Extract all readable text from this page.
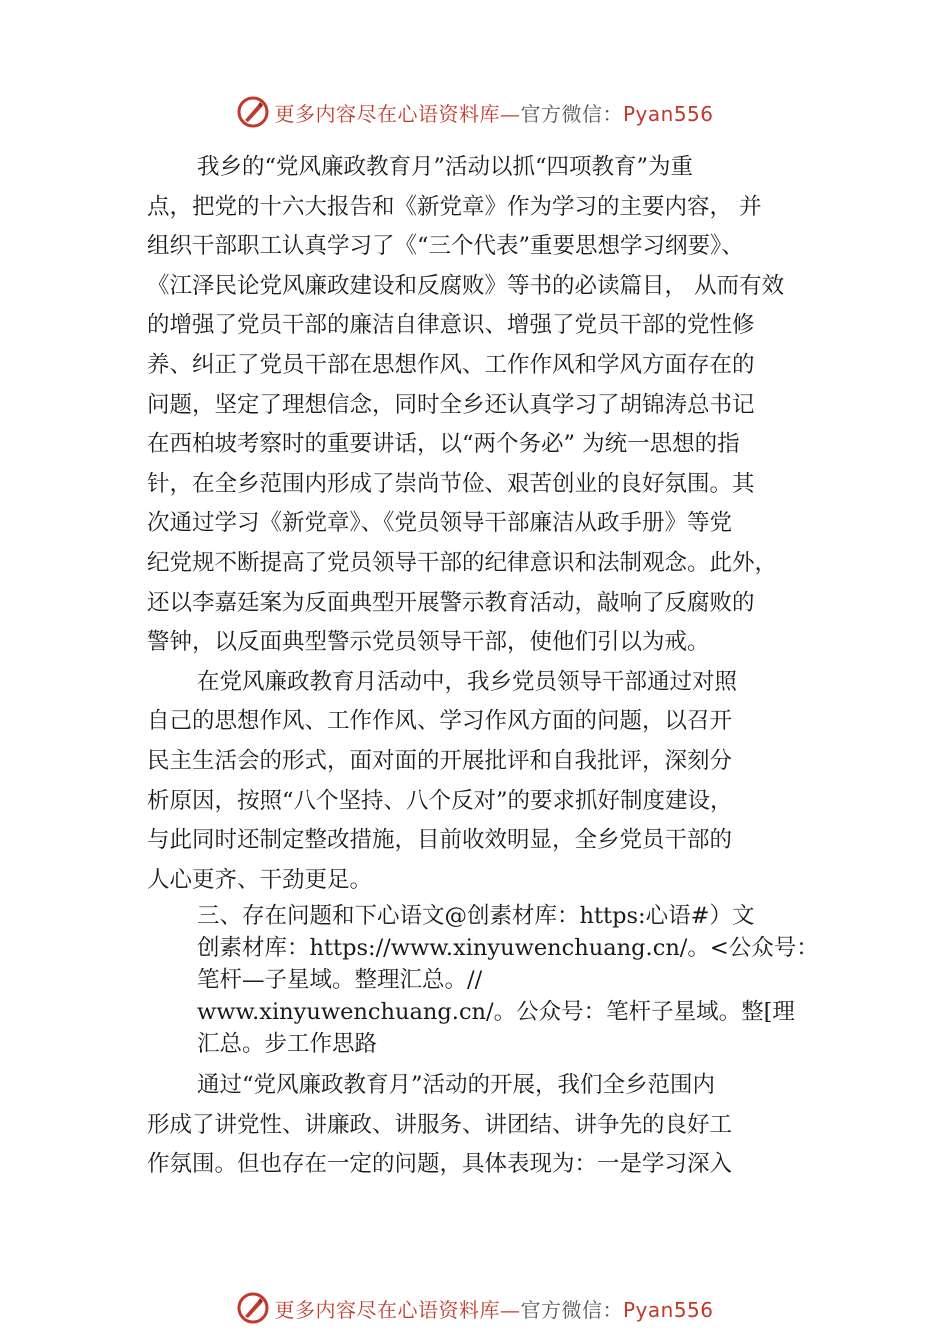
更多内容尽在心语资料库—官方微信：Pyan556
我乡的“党风廉政教育月”活动以抓“四项教育”为重
点，把党的十六大报告和《新党章》作为学习的主要内容， 并
组织干部职工认真学习了《“三个代表”重要思想学习纲要》、
《江泽民论党风廉政建设和反腐败》等书的必读篇目， 从而有效
的增强了党员干部的廉洁自律意识、增强了党员干部的党性修
养、纠正了党员干部在思想作风、工作作风和学风方面存在的
问题，坚定了理想信念，同时全乡还认真学习了胡锦涛总书记
在西柏坡考察时的重要讲话，以“两个务必” 为统一思想的指
针，在全乡范围内形成了崇尚节俭、艰苦创业的良好氛围。其
次通过学习《新党章》、《党员领导干部廉洁从政手册》等党
纪党规不断提高了党员领导干部的纪律意识和法制观念。此外，
还以李嘉廷案为反面典型开展警示教育活动，敲响了反腐败的
警钟，以反面典型警示党员领导干部，使他们引以为戒。
在党风廉政教育月活动中，我乡党员领导干部通过对照
自己的思想作风、工作作风、学习作风方面的问题，以召开
民主生活会的形式，面对面的开展批评和自我批评，深刻分
析原因，按照“八个坚持、八个反对”的要求抓好制度建设，
与此同时还制定整改措施，目前收效明显，全乡党员干部的
人心更齐、干劲更足。
三、存在问题和下心语文@创素材库：https:心语#）文
创素材库：https://www.xinyuwenchuang.cn/。<公众号：
笔杆—子星域。整理汇总。//
www.xinyuwenchuang.cn/。公众号：笔杆子星域。整[理
汇总。步工作思路
通过“党风廉政教育月”活动的开展，我们全乡范围内
形成了讲党性、讲廉政、讲服务、讲团结、讲争先的良好工
作氛围。但也存在一定的问题，具体表现为：一是学习深入
更多内容尽在心语资料库—官方微信：Pyan556
